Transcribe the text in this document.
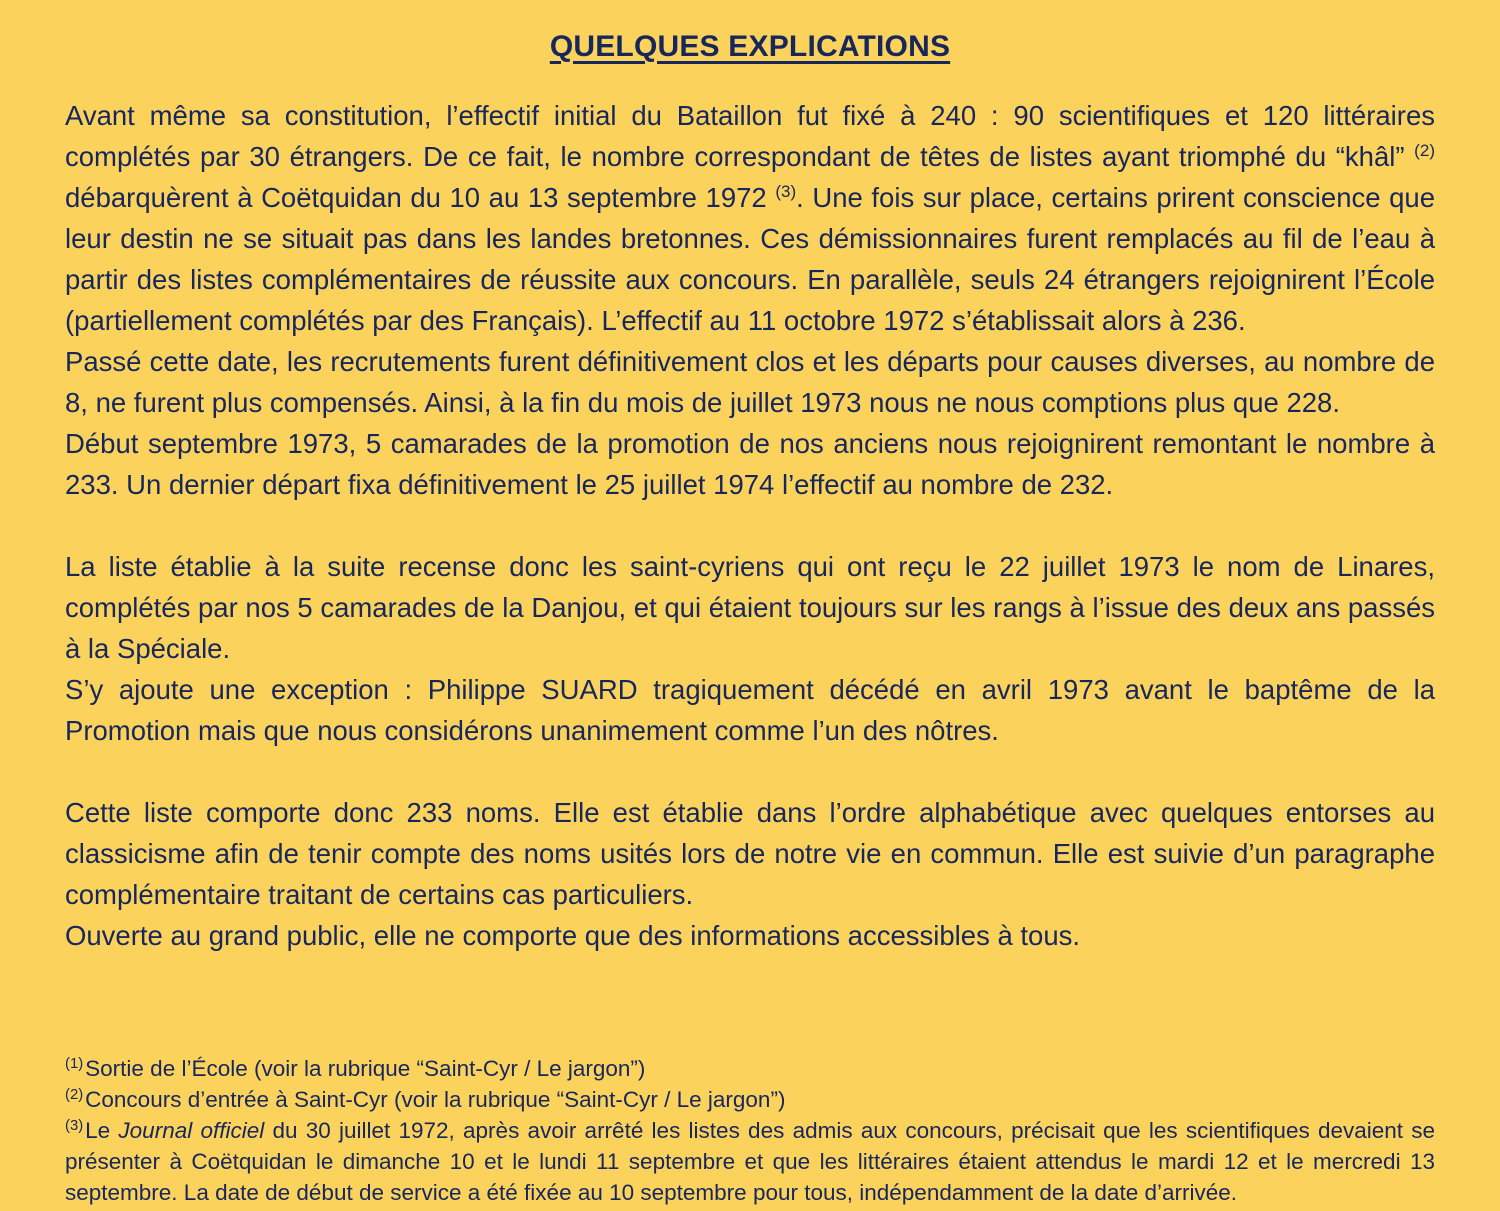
QUELQUES EXPLICATIONS

Avant même sa constitution, l’effectif initial du Bataillon fut fixé à 240 : 90 scientifiques et 120 littéraires complétés par 30 étrangers. De ce fait, le nombre correspondant de têtes de listes ayant triomphé du “khâl” $^{(2)}$ débarquèrent à Coëtquidan du 10 au 13 septembre 1972 $^{(3)}$. Une fois sur place, certains prirent conscience que leur destin ne se situait pas dans les landes bretonnes. Ces démissionnaires furent remplacés au fil de l’eau à partir des listes complémentaires de réussite aux concours. En parallèle, seuls 24 étrangers rejoignirent l’École (partiellement complétés par des Français). L’effectif au 11 octobre 1972 s’établissait alors à 236.

Passé cette date, les recrutements furent définitivement clos et les départs pour causes diverses, au nombre de 8, ne furent plus compensés. Ainsi, à la fin du mois de juillet 1973 nous ne nous comptions plus que 228.

Début septembre 1973, 5 camarades de la promotion de nos anciens nous rejoignirent remontant le nombre à 233. Un dernier départ fixa définitivement le 25 juillet 1974 l’effectif au nombre de 232.

La liste établie à la suite recense donc les saint-cyriens qui ont reçu le 22 juillet 1973 le nom de Linares, complétés par nos 5 camarades de la Danjou, et qui étaient toujours sur les rangs à l’issue des deux ans passés à la Spéciale.

S’y ajoute une exception : Philippe SUARD tragiquement décédé en avril 1973 avant le baptême de la Promotion mais que nous considérons unanimement comme l’un des nôtres.

Cette liste comporte donc 233 noms. Elle est établie dans l’ordre alphabétique avec quelques entorses au classicisme afin de tenir compte des noms usités lors de notre vie en commun. Elle est suivie d’un paragraphe complémentaire traitant de certains cas particuliers.

Ouverte au grand public, elle ne comporte que des informations accessibles à tous.

$^{(1)}$Sortie de l’École (voir la rubrique “Saint-Cyr / Le jargon”)

$^{(2)}$Concours d’entrée à Saint-Cyr (voir la rubrique “Saint-Cyr / Le jargon”)

$^{(3)}$Le Journal officiel du 30 juillet 1972, après avoir arrêté les listes des admis aux concours, précisait que les scientifiques devaient se présenter à Coëtquidan le dimanche 10 et le lundi 11 septembre et que les littéraires étaient attendus le mardi 12 et le mercredi 13 septembre. La date de début de service a été fixée au 10 septembre pour tous, indépendamment de la date d’arrivée.
